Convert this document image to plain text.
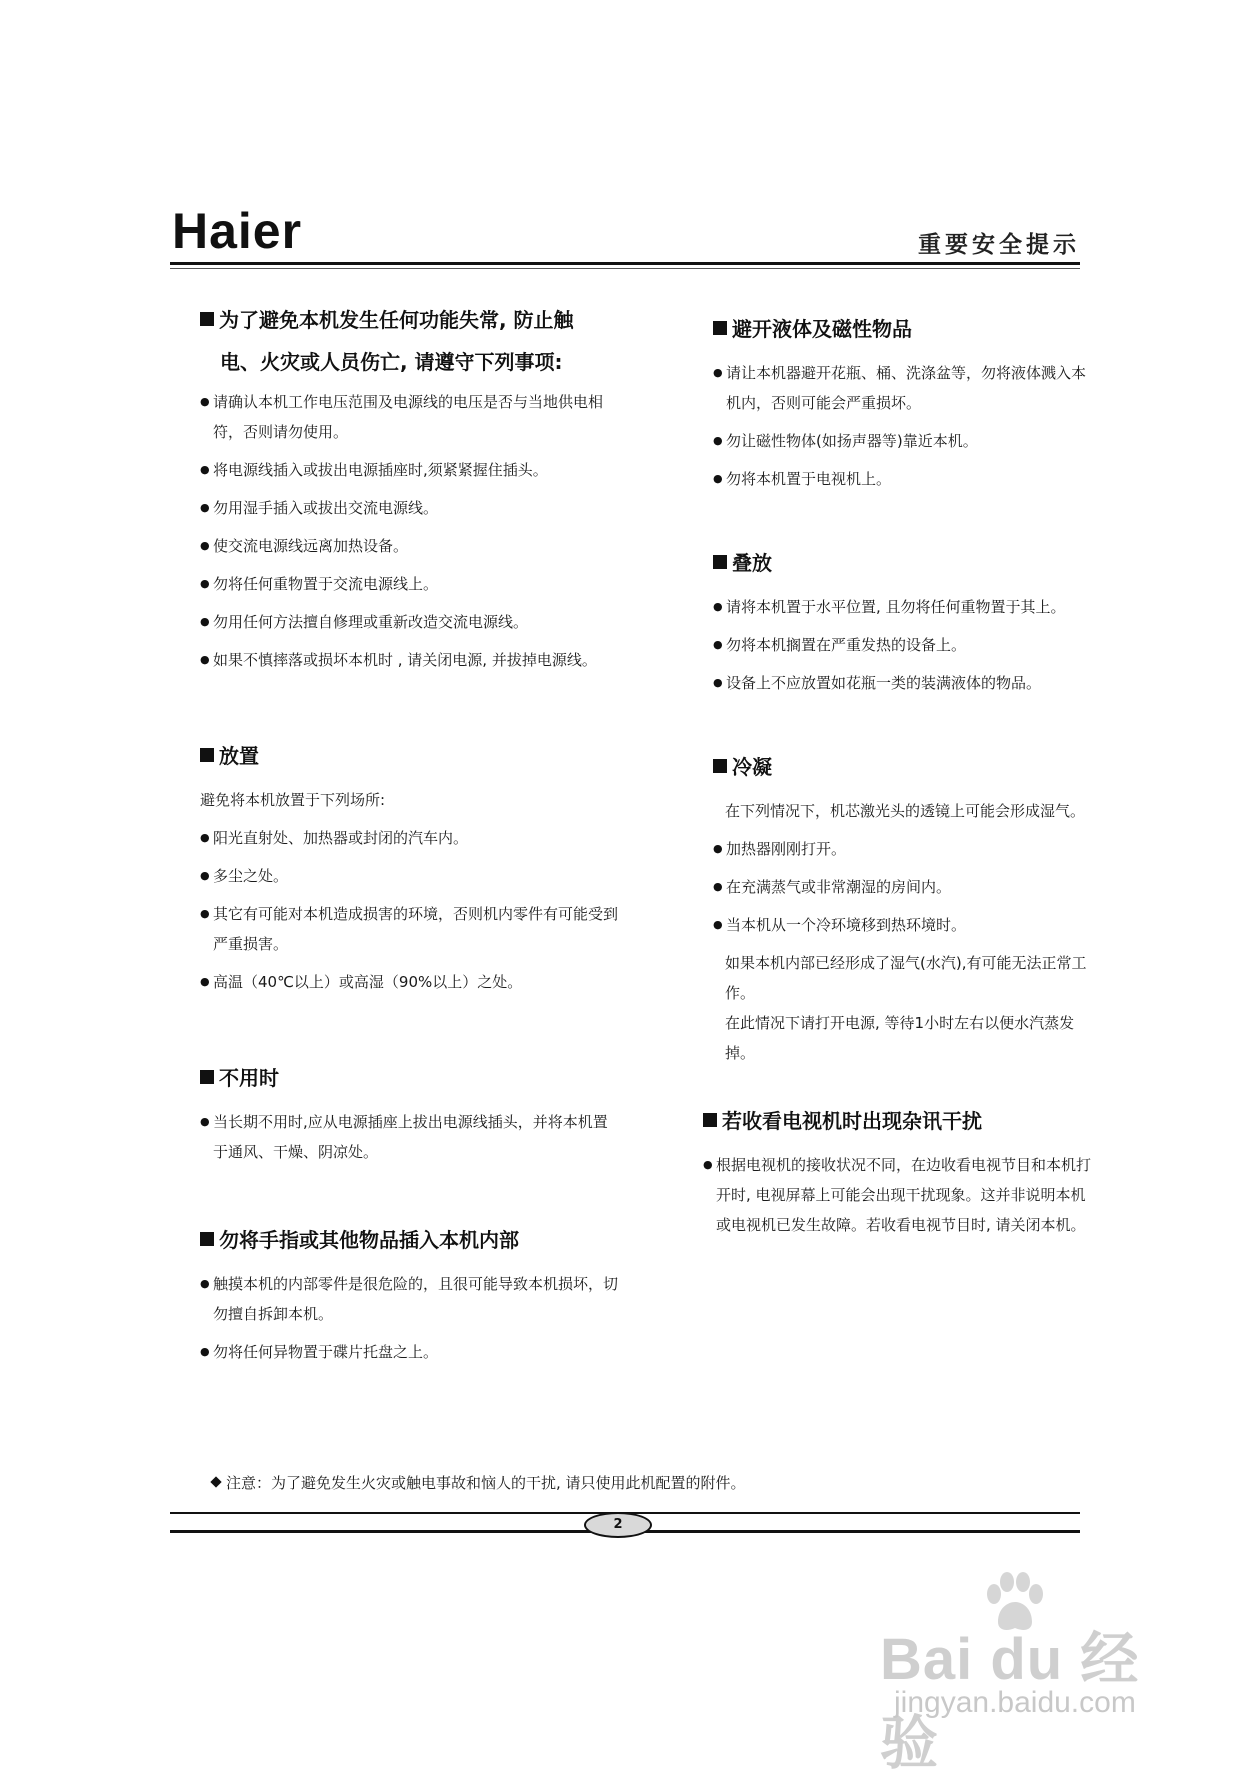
Haier	重要安全提示
为了避免本机发生任何功能失常, 防止触
电、火灾或人员伤亡, 请遵守下列事项:
● 请确认本机工作电压范围及电源线的电压是否与当地供电相符，否则请勿使用。
● 将电源线插入或拔出电源插座时,须紧紧握住插头。
● 勿用湿手插入或拔出交流电源线。
● 使交流电源线远离加热设备。
● 勿将任何重物置于交流电源线上。
● 勿用任何方法擅自修理或重新改造交流电源线。
● 如果不慎摔落或损坏本机时 , 请关闭电源, 并拔掉电源线。
放置
避免将本机放置于下列场所:
● 阳光直射处、加热器或封闭的汽车内。
● 多尘之处。
● 其它有可能对本机造成损害的环境，否则机内零件有可能受到严重损害。
● 高温（40℃以上）或高湿（90%以上）之处。
不用时
● 当长期不用时,应从电源插座上拔出电源线插头，并将本机置于通风、干燥、阴凉处。
勿将手指或其他物品插入本机内部
● 触摸本机的内部零件是很危险的，且很可能导致本机损坏，切勿擅自拆卸本机。
● 勿将任何异物置于碟片托盘之上。
避开液体及磁性物品
● 请让本机器避开花瓶、桶、洗涤盆等，勿将液体溅入本机内，否则可能会严重损坏。
● 勿让磁性物体(如扬声器等)靠近本机。
● 勿将本机置于电视机上。
叠放
● 请将本机置于水平位置, 且勿将任何重物置于其上。
● 勿将本机搁置在严重发热的设备上。
● 设备上不应放置如花瓶一类的装满液体的物品。
冷凝
在下列情况下，机芯激光头的透镜上可能会形成湿气。
● 加热器刚刚打开。
● 在充满蒸气或非常潮湿的房间内。
● 当本机从一个冷环境移到热环境时。
如果本机内部已经形成了湿气(水汽),有可能无法正常工作。
在此情况下请打开电源, 等待1小时左右以便水汽蒸发掉。
若收看电视机时出现杂讯干扰
● 根据电视机的接收状况不同，在边收看电视节目和本机打开时, 电视屏幕上可能会出现干扰现象。这并非说明本机或电视机已发生故障。若收看电视节目时, 请关闭本机。
注意：为了避免发生火灾或触电事故和恼人的干扰, 请只使用此机配置的附件。
2
Bai du 经验
jingyan.baidu.com
